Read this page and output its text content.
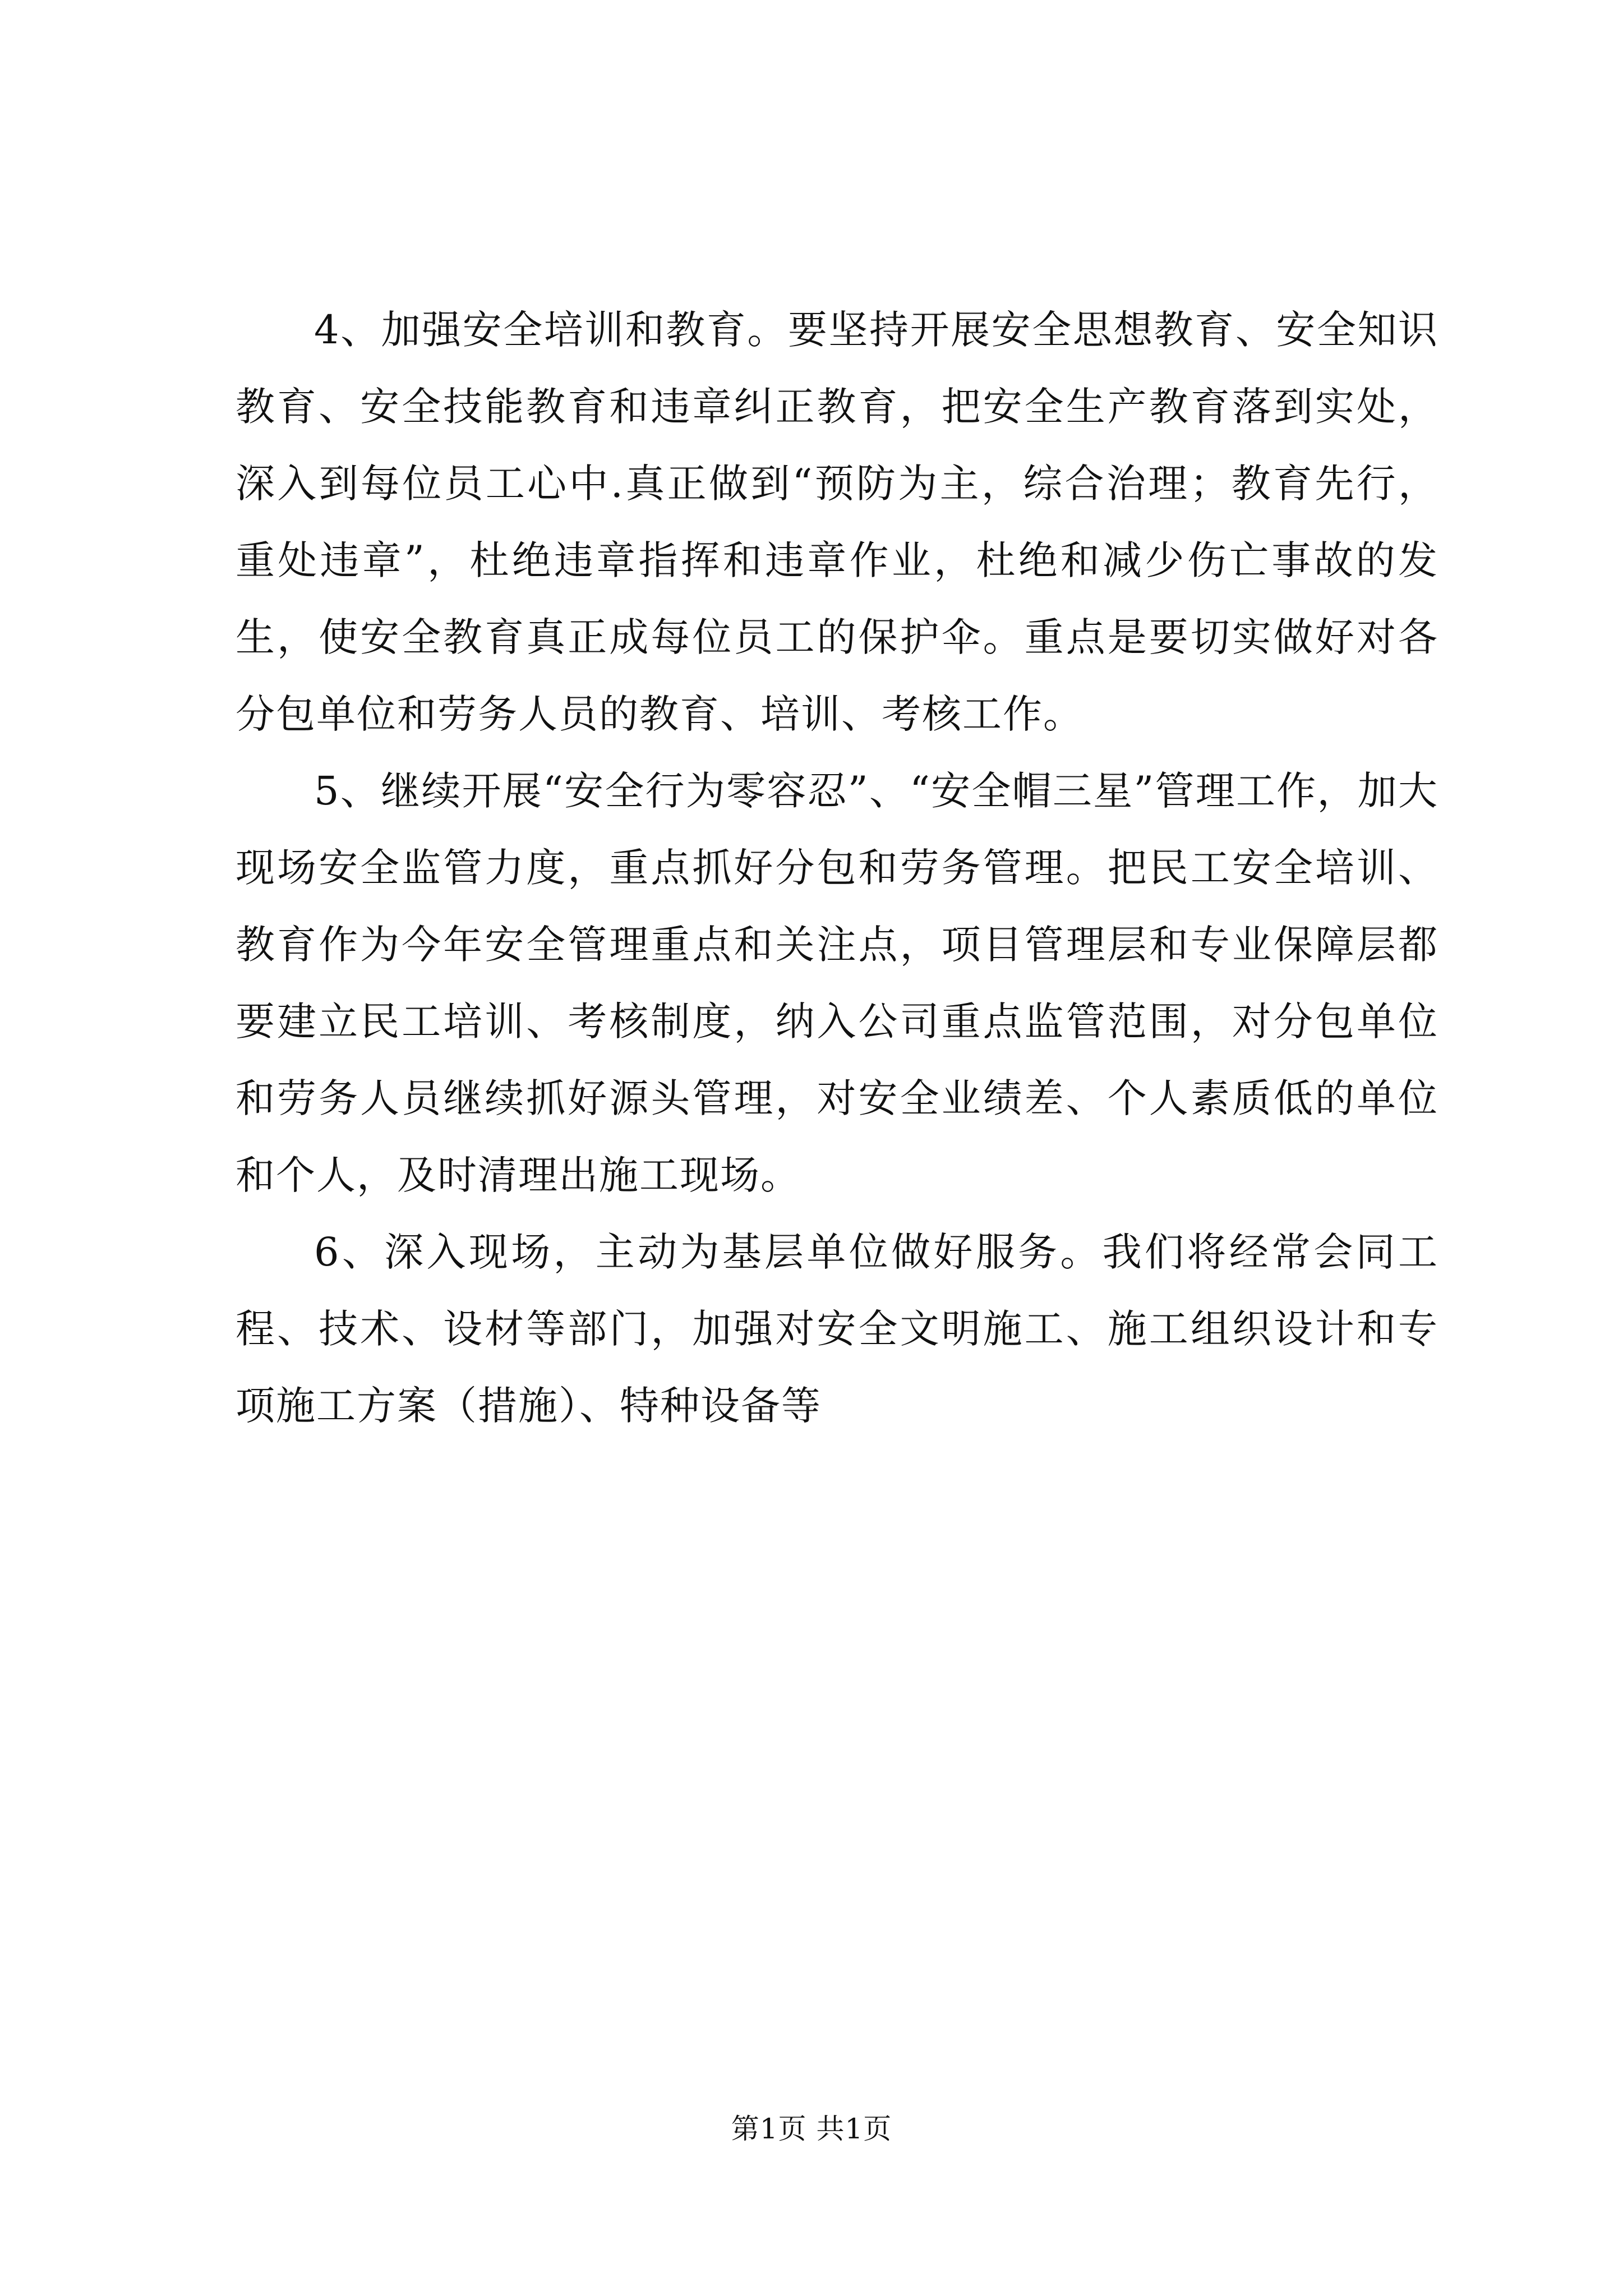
4、加强安全培训和教育。要坚持开展安全思想教育、安全知识教育、安全技能教育和违章纠正教育，把安全生产教育落到实处，深入到每位员工心中.真正做到“预防为主，综合治理；教育先行，重处违章”，杜绝违章指挥和违章作业，杜绝和减少伤亡事故的发生，使安全教育真正成每位员工的保护伞。重点是要切实做好对各分包单位和劳务人员的教育、培训、考核工作。

5、继续开展“安全行为零容忍”、“安全帽三星”管理工作，加大现场安全监管力度，重点抓好分包和劳务管理。把民工安全培训、教育作为今年安全管理重点和关注点，项目管理层和专业保障层都要建立民工培训、考核制度，纳入公司重点监管范围，对分包单位和劳务人员继续抓好源头管理，对安全业绩差、个人素质低的单位和个人，及时清理出施工现场。

6、深入现场，主动为基层单位做好服务。我们将经常会同工程、技术、设材等部门，加强对安全文明施工、施工组织设计和专项施工方案（措施）、特种设备等

第1页 共1页
